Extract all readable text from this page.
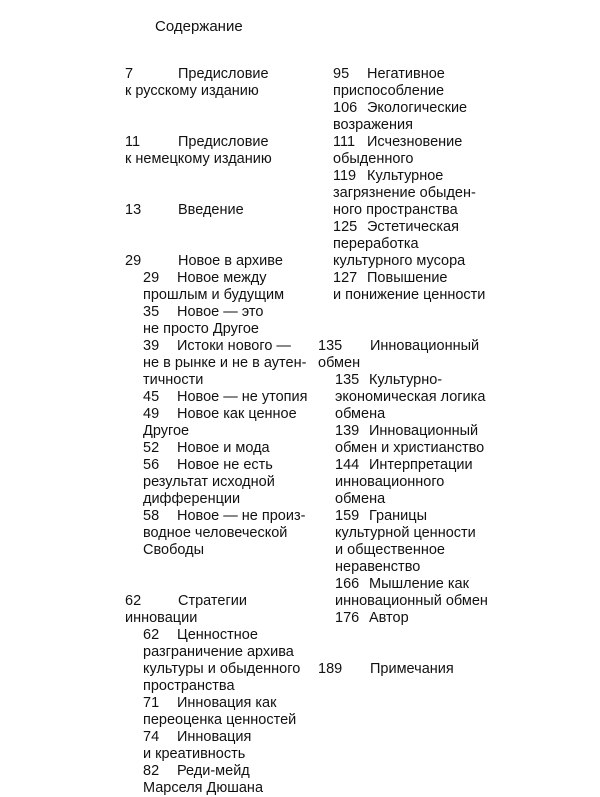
Содержание
7	Предисловие
к русскому изданию
11	Предисловие
к немецкому изданию
13	Введение
29	Новое в архиве
29 Новое между
прошлым и будущим
35 Новое — это
не просто Другое
39 Истоки нового —
не в рынке и не в аутен-
тичности
45 Новое — не утопия
49 Новое как ценное
Другое
52 Новое и мода
56 Новое не есть
результат исходной
дифференции
58 Новое — не произ-
водное человеческой
Свободы
62	Стратегии
инновации
62 Ценностное
разграничение архива
культуры и обыденного
пространства
71 Инновация как
переоценка ценностей
74 Инновация
и креативность
82 Реди-мейд
Марселя Дюшана
95 Негативное
приспособление
106 Экологические
возражения
111 Исчезновение
обыденного
119 Культурное
загрязнение обыден-
ного пространства
125 Эстетическая
переработка
культурного мусора
127 Повышение
и понижение ценности
135 Инновационный
обмен
135 Культурно-
экономическая логика
обмена
139 Инновационный
обмен и христианство
144 Интерпретации
инновационного
обмена
159 Границы
культурной ценности
и общественное
неравенство
166 Мышление как
инновационный обмен
176 Автор
189 Примечания
